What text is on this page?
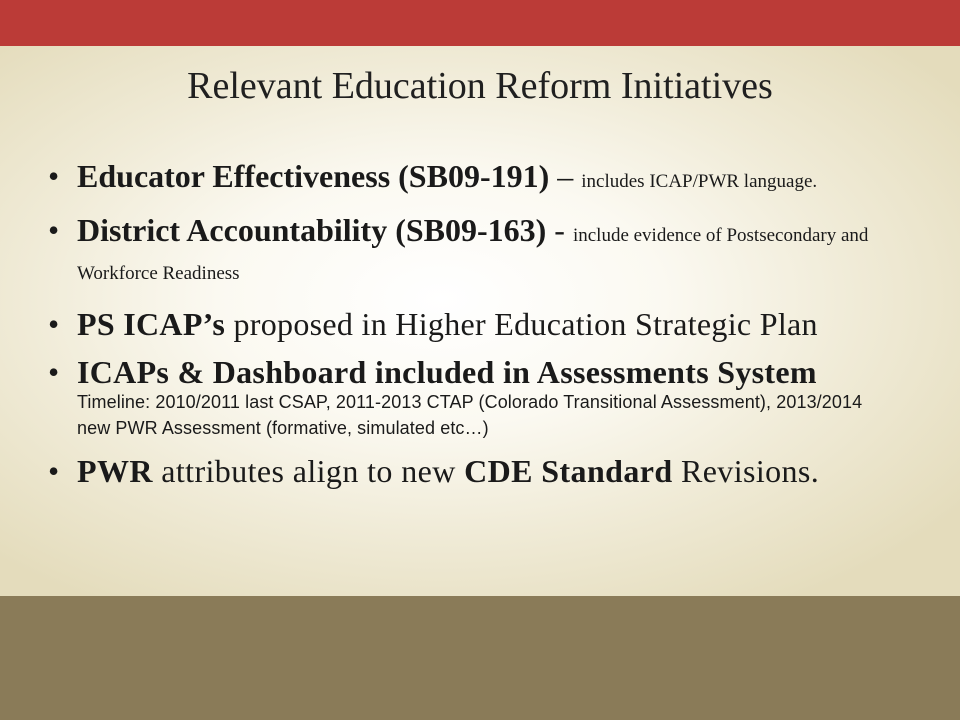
Relevant Education Reform Initiatives
• Educator Effectiveness (SB09-191) – includes ICAP/PWR language.
• District Accountability (SB09-163) - include evidence of Postsecondary and Workforce Readiness
• PS ICAP’s proposed in Higher Education Strategic Plan
• ICAPs & Dashboard included in Assessments System
Timeline: 2010/2011 last CSAP, 2011-2013 CTAP (Colorado Transitional Assessment), 2013/2014 new PWR Assessment (formative, simulated etc…)
• PWR attributes align to new CDE Standard Revisions.
